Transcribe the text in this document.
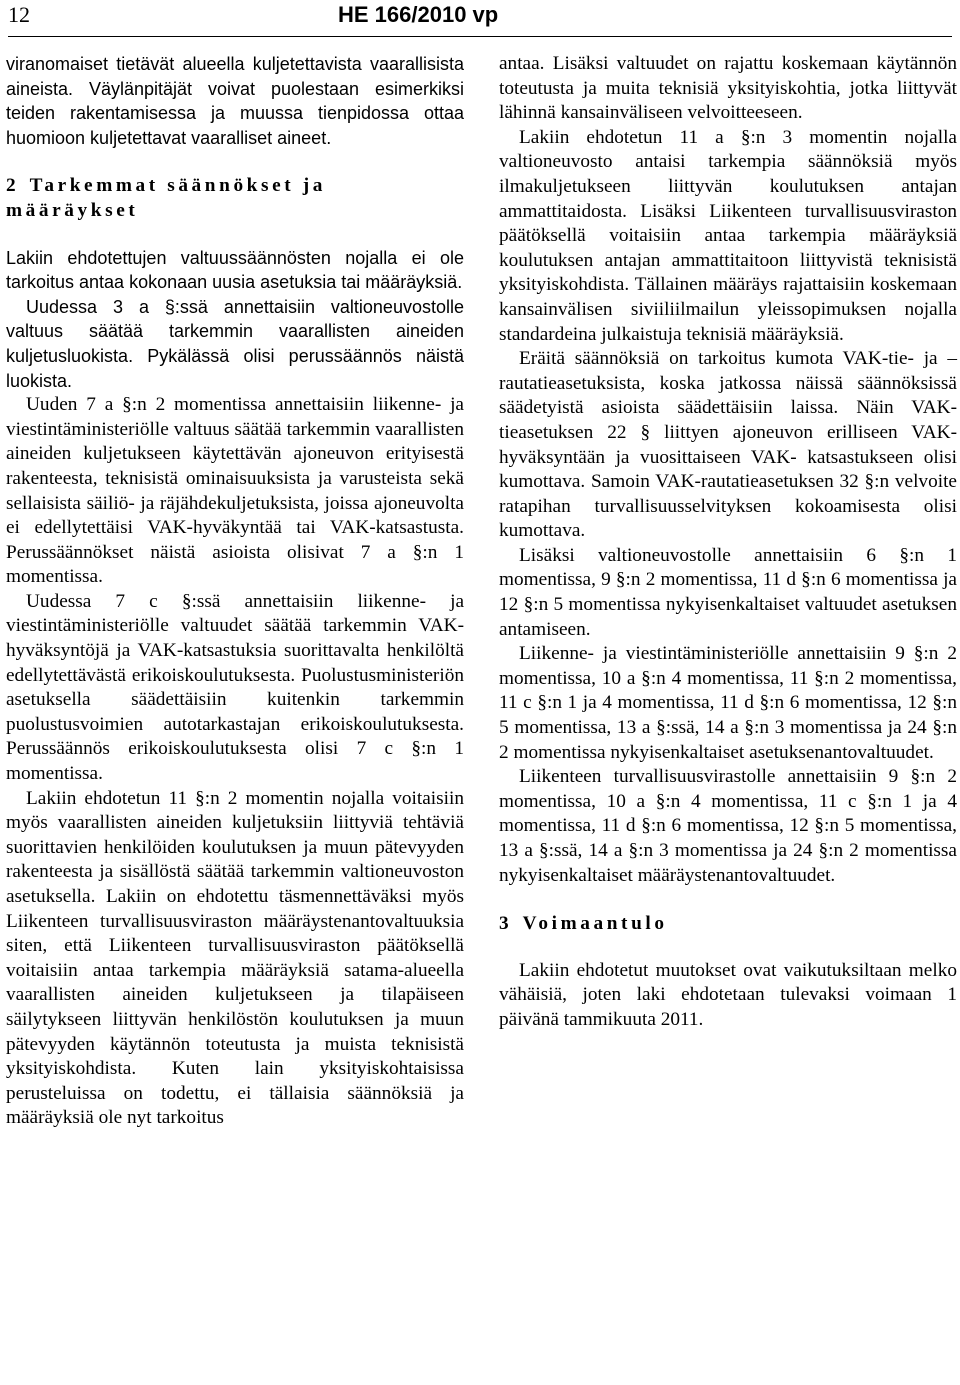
12	HE 166/2010 vp

viranomaiset tietävät alueella kuljetettavista vaarallisista aineista. Väylänpitäjät voivat puolestaan esimerkiksi teiden rakentamisessa ja muussa tienpidossa ottaa huomioon kuljetettavat vaaralliset aineet.

2 Tarkemmat säännökset ja määräykset

Lakiin ehdotettujen valtuussäännösten nojalla ei ole tarkoitus antaa kokonaan uusia asetuksia tai määräyksiä.

Uudessa 3 a §:ssä annettaisiin valtioneuvostolle valtuus säätää tarkemmin vaarallisten aineiden kuljetusluokista. Pykälässä olisi perussäännös näistä luokista.

Uuden 7 a §:n 2 momentissa annettaisiin liikenne- ja viestintäministeriölle valtuus säätää tarkemmin vaarallisten aineiden kuljetukseen käytettävän ajoneuvon erityisestä rakenteesta, teknisistä ominaisuuksista ja varusteista sekä sellaisista säiliö- ja räjähdekuljetuksista, joissa ajoneuvolta ei edellytettäisi VAK-hyväkyntää tai VAK-katsastusta. Perussäännökset näistä asioista olisivat 7 a §:n 1 momentissa.

Uudessa 7 c §:ssä annettaisiin liikenne- ja viestintäministeriölle valtuudet säätää tarkemmin VAK-hyväksyntöjä ja VAK-katsastuksia suorittavalta henkilöltä edellytettävästä erikoiskoulutuksesta. Puolustusministeriön asetuksella säädettäisiin kuitenkin tarkemmin puolustusvoimien autotarkastajan erikoiskoulutuksesta. Perussäännös erikoiskoulutuksesta olisi 7 c §:n 1 momentissa.

Lakiin ehdotetun 11 §:n 2 momentin nojalla voitaisiin myös vaarallisten aineiden kuljetuksiin liittyviä tehtäviä suorittavien henkilöiden koulutuksen ja muun pätevyyden rakenteesta ja sisällöstä säätää tarkemmin valtioneuvoston asetuksella. Lakiin on ehdotettu täsmennettäväksi myös Liikenteen turvallisuusviraston määräystenantovaltuuksia siten, että Liikenteen turvallisuusviraston päätöksellä voitaisiin antaa tarkempia määräyksiä satama-alueella vaarallisten aineiden kuljetukseen ja tilapäiseen säilytykseen liittyvän henkilöstön koulutuksen ja muun pätevyyden käytännön toteutusta ja muista teknisistä yksityiskohdista. Kuten lain yksityiskohtaisissa perusteluissa on todettu, ei tällaisia säännöksiä ja määräyksiä ole nyt tarkoitus

antaa. Lisäksi valtuudet on rajattu koskemaan käytännön toteutusta ja muita teknisiä yksityiskohtia, jotka liittyvät lähinnä kansainväliseen velvoitteeseen.

Lakiin ehdotetun 11 a §:n 3 momentin nojalla valtioneuvosto antaisi tarkempia säännöksiä myös ilmakuljetukseen liittyvän koulutuksen antajan ammattitaidosta. Lisäksi Liikenteen turvallisuusviraston päätöksellä voitaisiin antaa tarkempia määräyksiä koulutuksen antajan ammattitaitoon liittyvistä teknisistä yksityiskohdista. Tällainen määräys rajattaisiin koskemaan kansainvälisen siviiliilmailun yleissopimuksen nojalla standardeina julkaistuja teknisiä määräyksiä.

Eräitä säännöksiä on tarkoitus kumota VAK-tie- ja –rautatieasetuksista, koska jatkossa näissä säännöksissä säädetyistä asioista säädettäisiin laissa. Näin VAK-tieasetuksen 22 § liittyen ajoneuvon erilliseen VAK-hyväksyntään ja vuosittaiseen VAK- katsastukseen olisi kumottava. Samoin VAK-rautatieasetuksen 32 §:n velvoite ratapihan turvallisuusselvityksen kokoamisesta olisi kumottava.

Lisäksi valtioneuvostolle annettaisiin 6 §:n 1 momentissa, 9 §:n 2 momentissa, 11 d §:n 6 momentissa ja 12 §:n 5 momentissa nykyisenkaltaiset valtuudet asetuksen antamiseen.

Liikenne- ja viestintäministeriölle annettaisiin 9 §:n 2 momentissa, 10 a §:n 4 momentissa, 11 §:n 2 momentissa, 11 c §:n 1 ja 4 momentissa, 11 d §:n 6 momentissa, 12 §:n 5 momentissa, 13 a §:ssä, 14 a §:n 3 momentissa ja 24 §:n 2 momentissa nykyisenkaltaiset asetuksenantovaltuudet.

Liikenteen turvallisuusvirastolle annettaisiin 9 §:n 2 momentissa, 10 a §:n 4 momentissa, 11 c §:n 1 ja 4 momentissa, 11 d §:n 6 momentissa, 12 §:n 5 momentissa, 13 a §:ssä, 14 a §:n 3 momentissa ja 24 §:n 2 momentissa nykyisenkaltaiset määräystenantovaltuudet.

3 Voimaantulo

Lakiin ehdotetut muutokset ovat vaikutuksiltaan melko vähäisiä, joten laki ehdotetaan tulevaksi voimaan 1 päivänä tammikuuta 2011.
